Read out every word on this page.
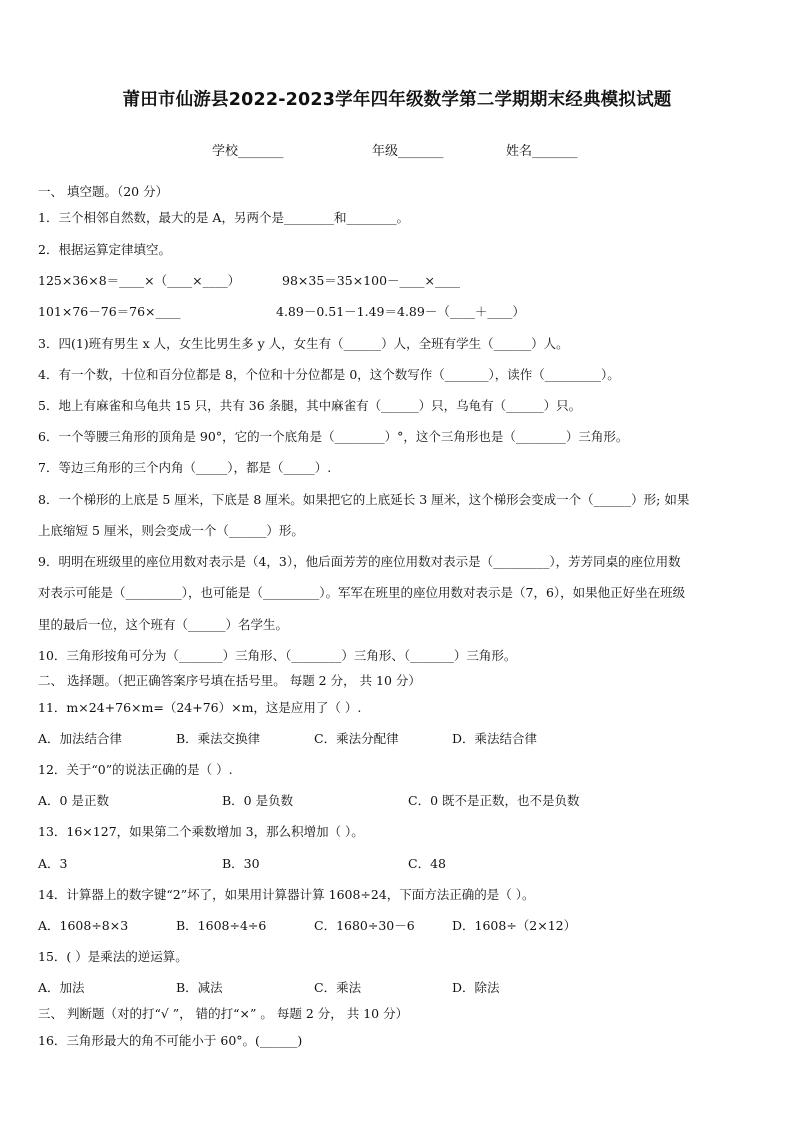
莆田市仙游县2022-2023学年四年级数学第二学期期末经典模拟试题
学校_______	年级_______	姓名_______
一、 填空题。（20 分）
1．三个相邻自然数，最大的是 A，另两个是________和________。
2．根据运算定律填空。
125×36×8＝____×（____×____）	98×35＝35×100－____×____
101×76－76＝76×____	4.89－0.51－1.49＝4.89－（____＋____）
3．四(1)班有男生 x 人，女生比男生多 y 人，女生有（______）人，全班有学生（______）人。
4．有一个数，十位和百分位都是 8，个位和十分位都是 0，这个数写作（_______），读作（_________）。
5．地上有麻雀和乌龟共 15 只，共有 36 条腿，其中麻雀有（______）只，乌龟有（______）只。
6．一个等腰三角形的顶角是 90°，它的一个底角是（________）°，这个三角形也是（________）三角形。
7．等边三角形的三个内角（_____），都是（_____）.
8．一个梯形的上底是 5 厘米，下底是 8 厘米。如果把它的上底延长 3 厘米，这个梯形会变成一个（______）形; 如果
上底缩短 5 厘米，则会变成一个（______）形。
9．明明在班级里的座位用数对表示是（4，3），他后面芳芳的座位用数对表示是（_________），芳芳同桌的座位用数
对表示可能是（_________），也可能是（_________）。军军在班里的座位用数对表示是（7，6），如果他正好坐在班级
里的最后一位，这个班有（______）名学生。
10．三角形按角可分为（_______）三角形、（________）三角形、（_______）三角形。
二、 选择题。（把正确答案序号填在括号里。 每题 2 分， 共 10 分）
11．m×24+76×m=（24+76）×m，这是应用了（ ）.
A．加法结合律	B．乘法交换律	C．乘法分配律	D．乘法结合律
12．关于“0”的说法正确的是（ ）.
A．0 是正数	B．0 是负数	C．0 既不是正数，也不是负数
13．16×127，如果第二个乘数增加 3，那么积增加（ ）。
A．3	B．30	C．48
14．计算器上的数字键“2”坏了，如果用计算器计算 1608÷24，下面方法正确的是（ ）。
A．1608÷8×3	B．1608÷4÷6	C．1680÷30－6	D．1608÷（2×12）
15．( ）是乘法的逆运算。
A．加法	B．减法	C．乘法	D．除法
三、 判断题（对的打“√ ”， 错的打“×” 。 每题 2 分， 共 10 分）
16．三角形最大的角不可能小于 60°。(______)
